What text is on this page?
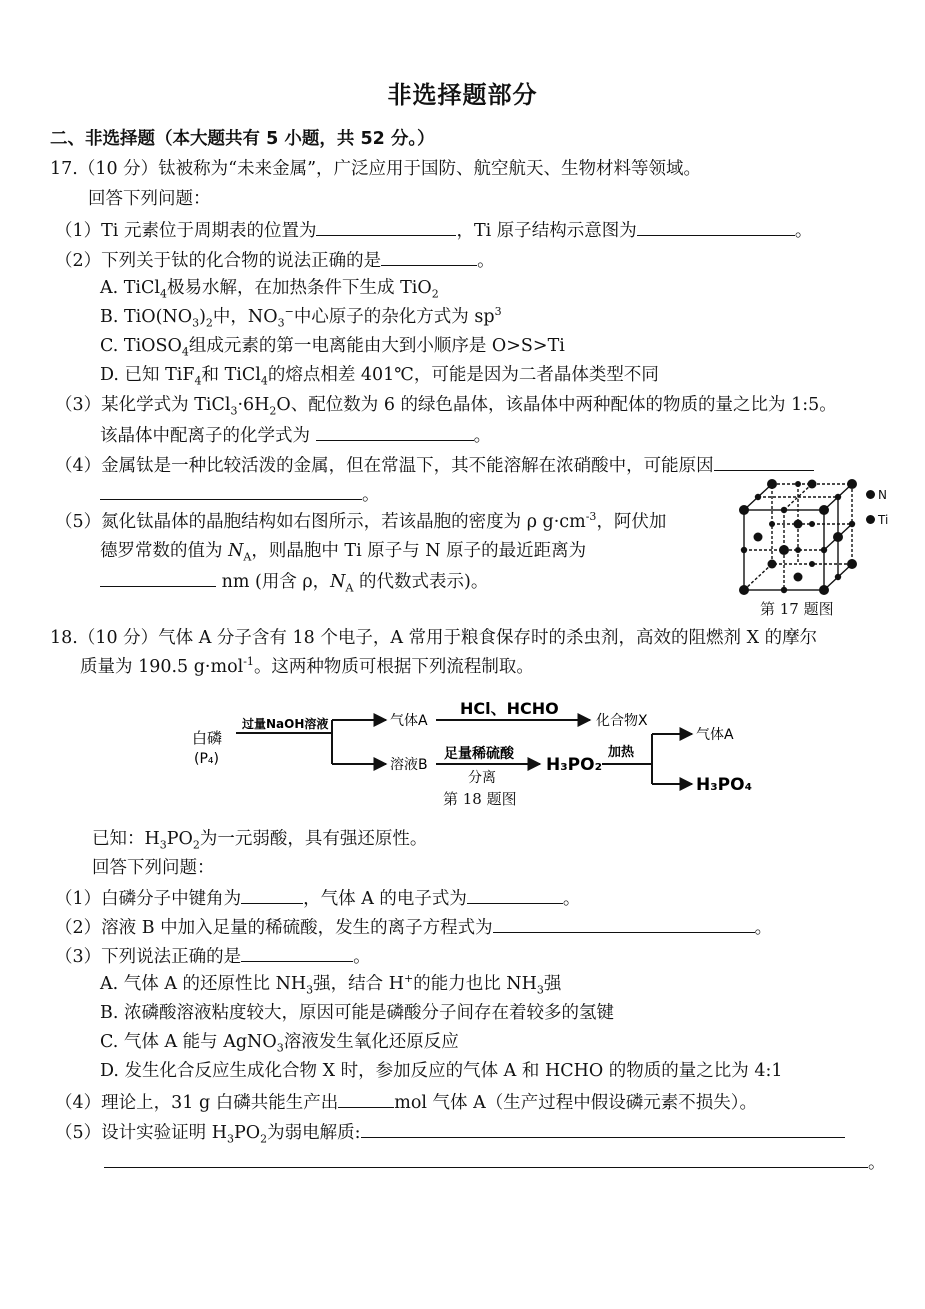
非选择题部分
二、非选择题（本大题共有 5 小题，共 52 分。）
17.（10 分）钛被称为“未来金属”，广泛应用于国防、航空航天、生物材料等领域。
回答下列问题：
（1）Ti 元素位于周期表的位置为	，Ti 原子结构示意图为	。
（2）下列关于钛的化合物的说法正确的是	。
A. TiCl$_4$极易水解，在加热条件下生成 TiO$_2$
B. $TiO(NO_3)_2$中，$NO_3^-$中心原子的杂化方式为 $sp^3$
C. TiOSO$_4$组成元素的第一电离能由大到小顺序是 O>S>Ti
D. 已知 TiF$_4$和 TiCl$_4$的熔点相差 401℃，可能是因为二者晶体类型不同
（3）某化学式为 $TiCl_3\cdot 6H_2O$、配位数为 6 的绿色晶体，该晶体中两种配体的物质的量之比为 1:5。
该晶体中配离子的化学式为	。
（4）金属钛是一种比较活泼的金属，但在常温下，其不能溶解在浓硝酸中，可能原因
。
（5）氮化钛晶体的晶胞结构如右图所示，若该晶胞的密度为 ρ $g\cdot cm^{-3}$，阿伏加
德罗常数的值为 $N_A$，则晶胞中 Ti 原子与 N 原子的最近距离为
nm (用含 ρ，$N_A$ 的代数式表示)。
N
Ti
第 17 题图
18.（10 分）气体 A 分子含有 18 个电子，A 常用于粮食保存时的杀虫剂，高效的阻燃剂 X 的摩尔
质量为 190.5 g·mol$^{-1}$。这两种物质可根据下列流程制取。
白磷
(P₄)
过量NaOH溶液	气体A
HCl、HCHO
化合物X
溶液B
足量稀硫酸
分离
H₃PO₂
加热
气体A
H₃PO₄
第 18 题图
已知：$H_3PO_2$为一元弱酸，具有强还原性。
回答下列问题：
（1）白磷分子中键角为	，气体 A 的电子式为	。
（2）溶液 B 中加入足量的稀硫酸，发生的离子方程式为	。
（3）下列说法正确的是	。
A. 气体 A 的还原性比 $NH_3$强，结合 H+的能力也比 $NH_3$强
B. 浓磷酸溶液粘度较大，原因可能是磷酸分子间存在着较多的氢键
C. 气体 A 能与 AgNO$_3$溶液发生氧化还原反应
D. 发生化合反应生成化合物 X 时，参加反应的气体 A 和 HCHO 的物质的量之比为 4:1
（4）理论上，31 g 白磷共能生产出	mol 气体 A（生产过程中假设磷元素不损失）。
（5）设计实验证明 $H_3PO_2$为弱电解质:
。
